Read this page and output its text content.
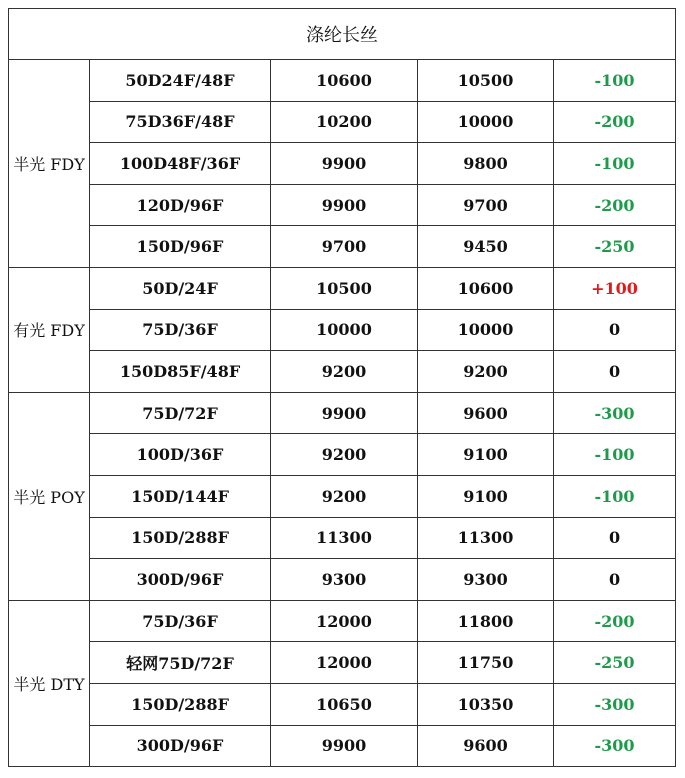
涤纶长丝				
半光 FDY	50D24F/48F	10600	10500	-100
	75D36F/48F	10200	10000	-200
	100D48F/36F	9900	9800	-100
	120D/96F	9900	9700	-200
	150D/96F	9700	9450	-250
有光 FDY	50D/24F	10500	10600	+100
	75D/36F	10000	10000	0
	150D85F/48F	9200	9200	0
半光 POY	75D/72F	9900	9600	-300
	100D/36F	9200	9100	-100
	150D/144F	9200	9100	-100
	150D/288F	11300	11300	0
	300D/96F	9300	9300	0
半光 DTY	75D/36F	12000	11800	-200
	轻网75D/72F	12000	11750	-250
	150D/288F	10650	10350	-300
	300D/96F	9900	9600	-300
